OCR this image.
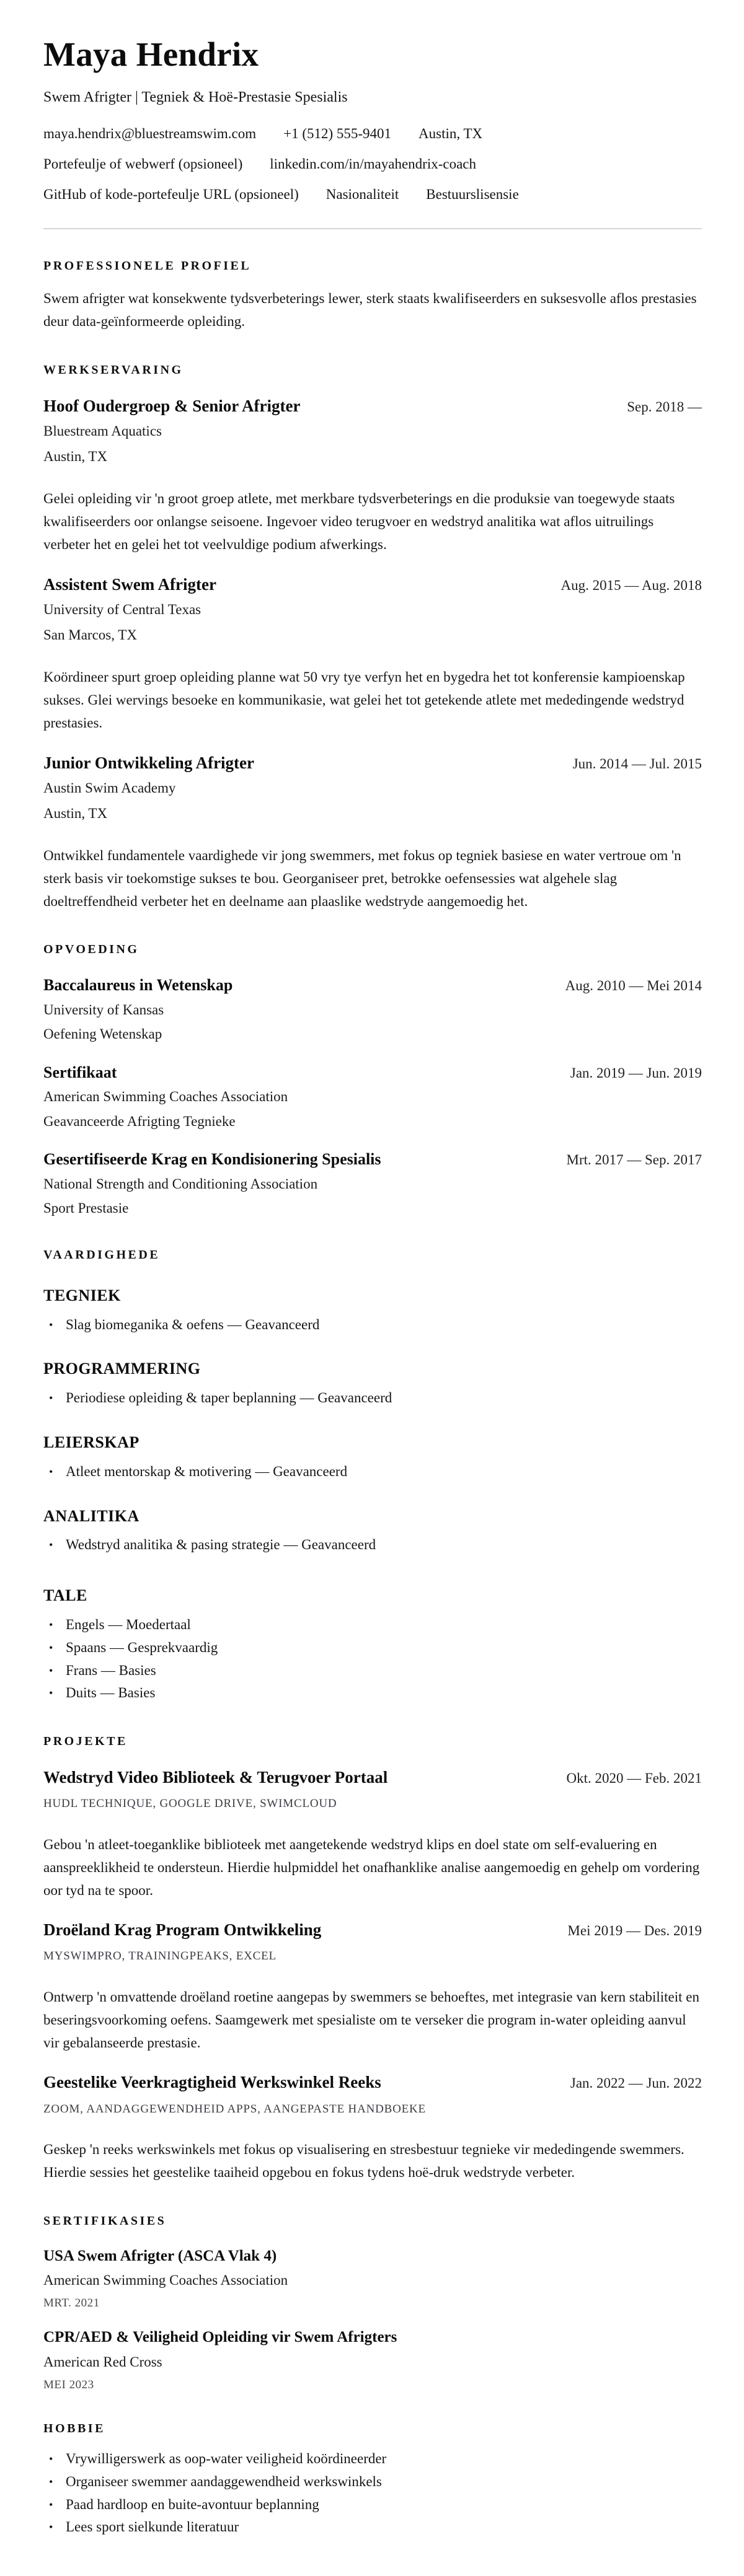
Maya Hendrix
Swem Afrigter | Tegniek & Hoë-Prestasie Spesialis
maya.hendrix@bluestreamswim.com +1 (512) 555-9401 Austin, TX
Portefeulje of webwerf (opsioneel) linkedin.com/in/mayahendrix-coach
GitHub of kode-portefeulje URL (opsioneel) Nasionaliteit Bestuurslisensie
PROFESSIONELE PROFIEL

Swem afrigter wat konsekwente tydsverbeterings lewer, sterk staats kwalifiseerders en suksesvolle aflos prestasies deur data-geïnformeerde opleiding.

WERKSERVARING
Hoof Oudergroep & Senior Afrigter	Sep. 2018 —
Bluestream Aquatics
Austin, TX

Gelei opleiding vir 'n groot groep atlete, met merkbare tydsverbeterings en die produksie van toegewyde staats kwalifiseerders oor onlangse seisoene. Ingevoer video terugvoer en wedstryd analitika wat aflos uitruilings verbeter het en gelei het tot veelvuldige podium afwerkings.

Assistent Swem Afrigter	Aug. 2015 — Aug. 2018
University of Central Texas
San Marcos, TX

Koördineer spurt groep opleiding planne wat 50 vry tye verfyn het en bygedra het tot konferensie kampioenskap sukses. Glei wervings besoeke en kommunikasie, wat gelei het tot getekende atlete met mededingende wedstryd prestasies.

Junior Ontwikkeling Afrigter	Jun. 2014 — Jul. 2015
Austin Swim Academy
Austin, TX

Ontwikkel fundamentele vaardighede vir jong swemmers, met fokus op tegniek basiese en water vertroue om 'n sterk basis vir toekomstige sukses te bou. Georganiseer pret, betrokke oefensessies wat algehele slag doeltreffendheid verbeter het en deelname aan plaaslike wedstryde aangemoedig het.

OPVOEDING
Baccalaureus in Wetenskap	Aug. 2010 — Mei 2014
University of Kansas
Oefening Wetenskap
Sertifikaat	Jan. 2019 — Jun. 2019
American Swimming Coaches Association
Geavanceerde Afrigting Tegnieke
Gesertifiseerde Krag en Kondisionering Spesialis	Mrt. 2017 — Sep. 2017
National Strength and Conditioning Association
Sport Prestasie
VAARDIGHEDE
TEGNIEK
• Slag biomeganika & oefens — Geavanceerd
PROGRAMMERING
• Periodiese opleiding & taper beplanning — Geavanceerd
LEIERSKAP
• Atleet mentorskap & motivering — Geavanceerd
ANALITIKA
• Wedstryd analitika & pasing strategie — Geavanceerd
TALE
• Engels — Moedertaal
• Spaans — Gesprekvaardig
• Frans — Basies
• Duits — Basies
PROJEKTE
Wedstryd Video Biblioteek & Terugvoer Portaal	Okt. 2020 — Feb. 2021
HUDL TECHNIQUE, GOOGLE DRIVE, SWIMCLOUD

Gebou 'n atleet-toeganklike biblioteek met aangetekende wedstryd klips en doel state om self-evaluering en aanspreeklikheid te ondersteun. Hierdie hulpmiddel het onafhanklike analise aangemoedig en gehelp om vordering oor tyd na te spoor.

Droëland Krag Program Ontwikkeling	Mei 2019 — Des. 2019
MYSWIMPRO, TRAININGPEAKS, EXCEL

Ontwerp 'n omvattende droëland roetine aangepas by swemmers se behoeftes, met integrasie van kern stabiliteit en beseringsvoorkoming oefens. Saamgewerk met spesialiste om te verseker die program in-water opleiding aanvul vir gebalanseerde prestasie.

Geestelike Veerkragtigheid Werkswinkel Reeks	Jan. 2022 — Jun. 2022
ZOOM, AANDAGGEWENDHEID APPS, AANGEPASTE HANDBOEKE

Geskep 'n reeks werkswinkels met fokus op visualisering en stresbestuur tegnieke vir mededingende swemmers. Hierdie sessies het geestelike taaiheid opgebou en fokus tydens hoë-druk wedstryde verbeter.

SERTIFIKASIES
USA Swem Afrigter (ASCA Vlak 4)
American Swimming Coaches Association
MRT. 2021
CPR/AED & Veiligheid Opleiding vir Swem Afrigters
American Red Cross
MEI 2023
HOBBIE
• Vrywilligerswerk as oop-water veiligheid koördineerder
• Organiseer swemmer aandaggewendheid werkswinkels
• Paad hardloop en buite-avontuur beplanning
• Lees sport sielkunde literatuur
